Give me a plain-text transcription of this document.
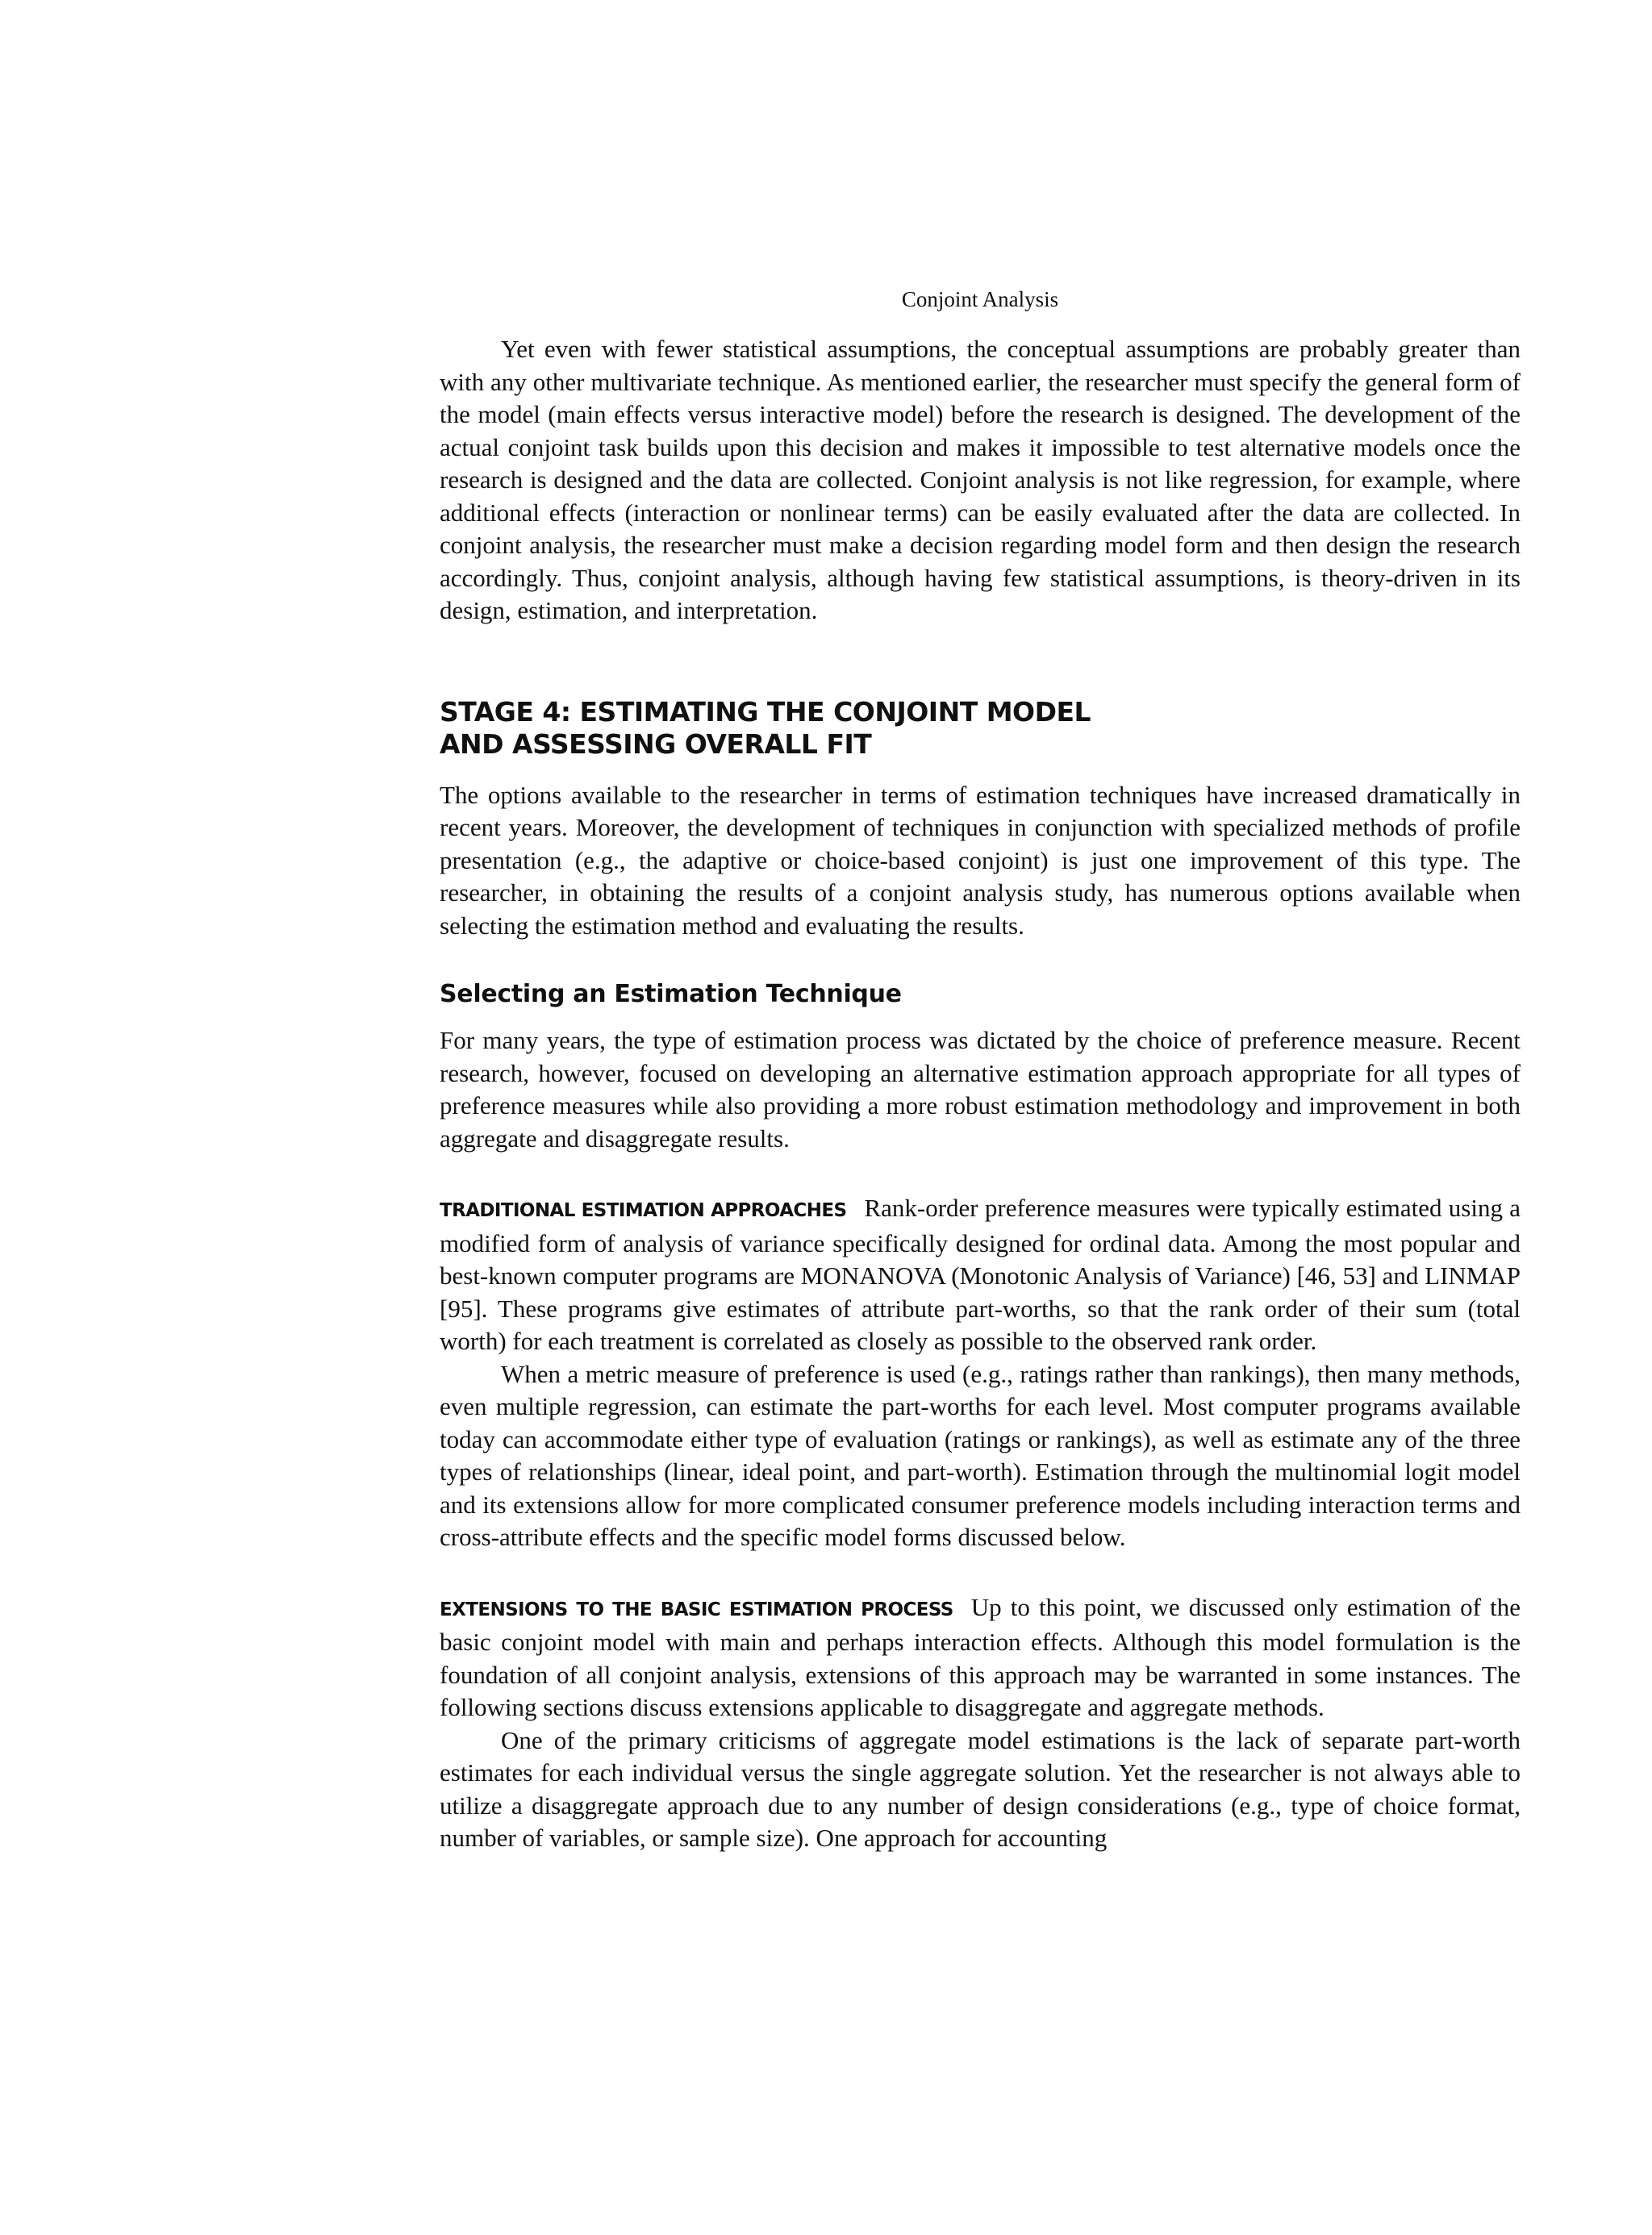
Conjoint Analysis

Yet even with fewer statistical assumptions, the conceptual assumptions are probably greater than with any other multivariate technique. As mentioned earlier, the researcher must specify the general form of the model (main effects versus interactive model) before the research is designed. The development of the actual conjoint task builds upon this decision and makes it impossible to test alternative models once the research is designed and the data are collected. Conjoint analysis is not like regression, for example, where additional effects (interaction or nonlinear terms) can be easily evaluated after the data are collected. In conjoint analysis, the researcher must make a decision regarding model form and then design the research accordingly. Thus, conjoint analysis, although having few statistical assumptions, is theory-driven in its design, estimation, and interpretation.

STAGE 4: ESTIMATING THE CONJOINT MODEL
AND ASSESSING OVERALL FIT

The options available to the researcher in terms of estimation techniques have increased dramatically in recent years. Moreover, the development of techniques in conjunction with specialized methods of profile presentation (e.g., the adaptive or choice-based conjoint) is just one improvement of this type. The researcher, in obtaining the results of a conjoint analysis study, has numerous options available when selecting the estimation method and evaluating the results.

Selecting an Estimation Technique

For many years, the type of estimation process was dictated by the choice of preference measure. Recent research, however, focused on developing an alternative estimation approach appropriate for all types of preference measures while also providing a more robust estimation methodology and improvement in both aggregate and disaggregate results.

TRADITIONAL ESTIMATION APPROACHES Rank-order preference measures were typically estimated using a modified form of analysis of variance specifically designed for ordinal data. Among the most popular and best-known computer programs are MONANOVA (Monotonic Analysis of Variance) [46, 53] and LINMAP [95]. These programs give estimates of attribute part-worths, so that the rank order of their sum (total worth) for each treatment is correlated as closely as possible to the observed rank order.

When a metric measure of preference is used (e.g., ratings rather than rankings), then many methods, even multiple regression, can estimate the part-worths for each level. Most computer programs available today can accommodate either type of evaluation (ratings or rankings), as well as estimate any of the three types of relationships (linear, ideal point, and part-worth). Estimation through the multinomial logit model and its extensions allow for more complicated consumer preference models including interaction terms and cross-attribute effects and the specific model forms discussed below.

EXTENSIONS TO THE BASIC ESTIMATION PROCESS Up to this point, we discussed only estimation of the basic conjoint model with main and perhaps interaction effects. Although this model formulation is the foundation of all conjoint analysis, extensions of this approach may be warranted in some instances. The following sections discuss extensions applicable to disaggregate and aggregate methods.

One of the primary criticisms of aggregate model estimations is the lack of separate part-worth estimates for each individual versus the single aggregate solution. Yet the researcher is not always able to utilize a disaggregate approach due to any number of design considerations (e.g., type of choice format, number of variables, or sample size). One approach for accounting
